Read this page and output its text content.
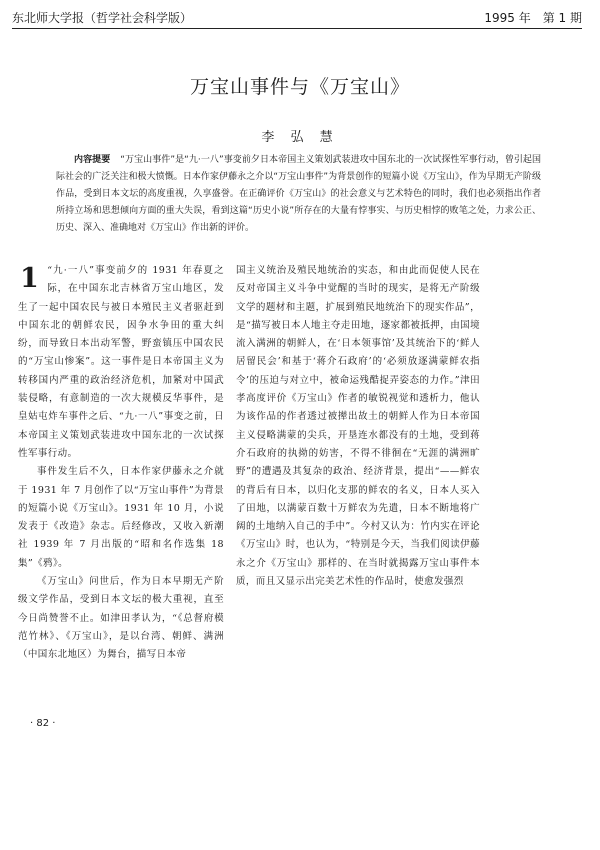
东北师大学报（哲学社会科学版）	1995 年　第 1 期
万宝山事件与《万宝山》
李 弘 慧
内容提要 “万宝山事件”是“九·一八”事变前夕日本帝国主义策划武装进攻中国东北的一次试探性军事行动，曾引起国际社会的广泛关注和极大愤慨。日本作家伊藤永之介以“万宝山事件”为背景创作的短篇小说《万宝山》，作为早期无产阶级作品，受到日本文坛的高度重视，久享盛誉。在正确评价《万宝山》的社会意义与艺术特色的同时，我们也必须指出作者所持立场和思想倾向方面的重大失误，看到这篇“历史小说”所存在的大量有悖事实、与历史相悖的败笔之处，力求公正、历史、深入、准确地对《万宝山》作出新的评价。

1 “九·一八”事变前夕的 1931 年春夏之际，在中国东北吉林省万宝山地区，发生了一起中国农民与被日本殖民主义者驱赶到中国东北的朝鲜农民，因争水争田的重大纠纷，而导致日本出动军警，野蛮镇压中国农民的“万宝山惨案”。这一事件是日本帝国主义为转移国内严重的政治经济危机，加紧对中国武装侵略，有意制造的一次大规模反华事件，是皇姑屯炸车事件之后、“九·一八”事变之前，日本帝国主义策划武装进攻中国东北的一次试探性军事行动。

事件发生后不久，日本作家伊藤永之介就于 1931 年 7 月创作了以“万宝山事件”为背景的短篇小说《万宝山》。1931 年 10 月，小说发表于《改造》杂志。后经修改，又收入新潮社 1939 年 7 月出版的“昭和名作选集 18 集”《鸦》。

《万宝山》问世后，作为日本早期无产阶级文学作品，受到日本文坛的极大重视，直至今日尚赞誉不止。如津田孝认为，“《总督府模范竹林》、《万宝山》，是以台湾、朝鲜、满洲（中国东北地区）为舞台，描写日本帝

国主义统治及殖民地统治的实态，和由此而促使人民在反对帝国主义斗争中觉醒的当时的现实，是将无产阶级文学的题材和主题，扩展到殖民地统治下的现实作品”，是“描写被日本人地主夺走田地，逐家都被抵押，由国境流入满洲的朝鲜人，在‘日本领事馆’及其统治下的‘鲜人居留民会’和基于‘蒋介石政府’的‘必须放逐满蒙鲜农指令’的压迫与对立中，被命运残酷捉弄姿态的力作。”津田孝高度评价《万宝山》作者的敏锐视觉和透析力，他认为该作品的作者透过被撵出故土的朝鲜人作为日本帝国主义侵略满蒙的尖兵，开垦连水都没有的土地，受到蒋介石政府的执拗的妨害，不得不徘徊在“无涯的满洲旷野”的遭遇及其复杂的政治、经济背景，提出“——鲜农的背后有日本，以归化支那的鲜农的名义，日本人买入了田地，以满蒙百数十万鲜农为先遣，日本不断地将广阔的土地纳入自己的手中”。今村又认为：竹内实在评论《万宝山》时，也认为，“特别是今天，当我们阅读伊藤永之介《万宝山》那样的、在当时就揭露万宝山事件本质，而且又显示出完美艺术性的作品时，使愈发强烈

· 82 ·
